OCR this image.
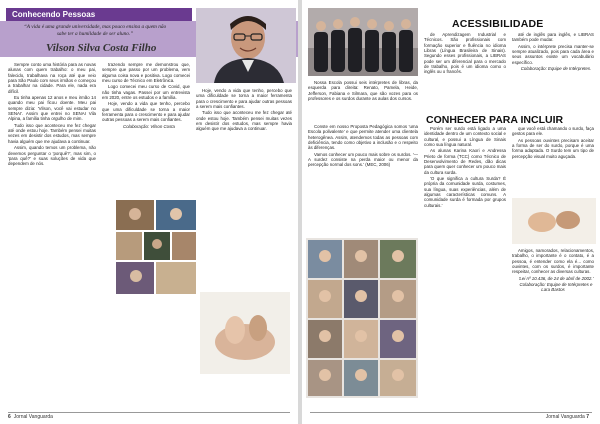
Conhecendo Pessoas
“A vida é uma grande universidade, mas pouco ensina a quem não sabe ter a humildade de ser aluno.”
Vilson Silva Costa Filho

Sempre conto uma história para as novas alunas com quem trabalho: o meu pai, falecido, trabalhava na roça até que veio para São Paulo com seus irmãos e começou a trabalhar na cidade. Para ele, nada era difícil.

Eu tinha apenas 12 anos e meu irmão 14 quando meu pai ficou doente. Meu pai sempre dizia: 'Vilson, você vai estudar no SENAI'. Assim que entrei no SENAI Vila Alpina, a família tinha orgulho de mim.

Tudo isso que aconteceu me fez chegar até onde estou hoje. Também pensei muitas vezes em desistir dos estudos, mas sempre havia alguém que me ajudava a continuar.

Assim, quando temos um problema, não devemos perguntar o 'porquê?', mas sim, o 'para quê?' e suas soluções de vida que dependem de nós.

trazendo sempre me demonstrou que, sempre que passo por um problema, vem alguma coisa nova e positiva. Logo comecei meu curso de Técnico em Eletrônica.

Logo comecei meu curso de Covid, que não tinha vagas. Passei por um entrevista em 2020, entre os estudos e a família.

Hoje, vendo a vida que tenho, percebo que uma dificuldade se torna a maior ferramenta para o crescimento e para ajudar outras pessoas a serem mais confiantes.

Colaboração: Vilson Costa

Hoje, vendo a vida que tenho, percebo que uma dificuldade se torna a maior ferramenta para o crescimento e para ajudar outras pessoas a serem mais confiantes.

Tudo isso que aconteceu me fez chegar até onde estou hoje. Também pensei muitas vezes em desistir dos estudos, mas sempre havia alguém que me ajudava a continuar.

6 Jornal Vanguarda
ACESSIBILIDADE

Nossa Escola possui seis intérpretes de libras, da esquerda para direita: Renato, Pamela, Heide, Jefferson, Fabiana e Silmara, que são vozes para os professores e os surdos durante as aulas dos cursos.

de Aprendizagem Industrial e Técnicos. São profissionais com formação superior e fluência no idioma Libras (Língua Brasileira de Sinais). Segundo esses profissionais, a LIBRAS pode ser um diferencial para o mercado de trabalho, pois é um idioma como o inglês ou o francês.

até de inglês para inglês, e LIBRAS também pode mudar.

Assim, o intérprete precisa manter-se sempre atualizado, pois para cada área e seus assuntos existe um vocabulário específico.

Colaboração: Equipe de Intérpretes.

CONHECER PARA INCLUIR

Conste em nosso Proposta Pedagógica somos 'uma Escola polivalente' e que permite atender uma clientela heterogênea. Assim, atendemos todas as pessoas com deficiência, tendo como objetivo a inclusão e o respeito às diferenças.

Vamos conhecer um pouco mais sobre os surdos. '— A surdez consiste na perda maior ou menor da percepção normal dos sons.' (MEC, 2006)

Porém ser surdo está ligado a uma identidade dentro de um contexto social e cultural, e possui a Língua de Sinais como sua língua natural.

As alunas Karina Kaori e Andressa Prieto de forma (TCC) como Técnico de Desenvolvimento de Redes, dão dicas para quem quer conhecer um pouco mais da cultura surda.

'O que significa a cultura Surda? É própria da comunidade surda, costumes, sua língua, suas experiências, além de algumas características comuns. A comunidade surda é formada por grupos culturais.'

que você está chamando o surdo, faça gestos para ele.

As pessoas ouvintes precisam aceitar a forma de ser do surdo, porque é uma forma adaptada. O Surdo tem um tipo de percepção visual muito aguçada.

Amigos, namorados, relacionamentos, trabalho, o importante é o contato, é a pessoa, é entender como ela é... como ouvintes, com os surdos, é importante respeitar, conhecer as diversas culturas.

'Lei nº 10.436, de 24 de abril de 2002.'

Colaboração: Equipe de Intérpretes e Lara Bastos

Jornal Vanguarda 7
